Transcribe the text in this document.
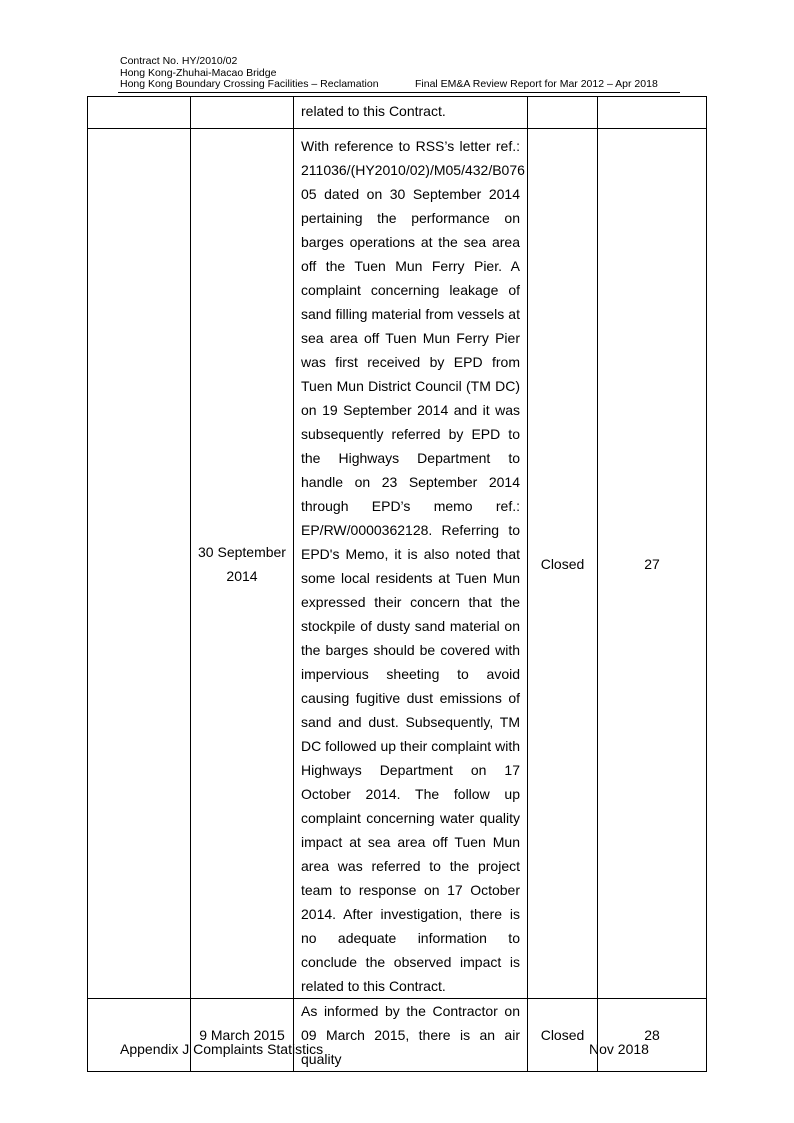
Contract No. HY/2010/02
Hong Kong-Zhuhai-Macao Bridge
Hong Kong Boundary Crossing Facilities – Reclamation	Final EM&A Review Report for Mar 2012 – Apr 2018
		related to this Contract.		
	30 September 2014	With reference to RSS’s letter ref.: 211036/(HY2010/02)/M05/432/B076 05 dated on 30 September 2014 pertaining the performance on barges operations at the sea area off the Tuen Mun Ferry Pier. A complaint concerning leakage of sand filling material from vessels at sea area off Tuen Mun Ferry Pier was first received by EPD from Tuen Mun District Council (TM DC) on 19 September 2014 and it was subsequently referred by EPD to the Highways Department to handle on 23 September 2014 through EPD’s memo ref.: EP/RW/0000362128. Referring to EPD's Memo, it is also noted that some local residents at Tuen Mun expressed their concern that the stockpile of dusty sand material on the barges should be covered with impervious sheeting to avoid causing fugitive dust emissions of sand and dust. Subsequently, TM DC followed up their complaint with Highways Department on 17 October 2014. The follow up complaint concerning water quality impact at sea area off Tuen Mun area was referred to the project team to response on 17 October 2014. After investigation, there is no adequate information to conclude the observed impact is related to this Contract.	Closed	27
	9 March 2015	As informed by the Contractor on 09 March 2015, there is an air quality	Closed	28
Appendix J Complaints Statistics	Nov 2018
